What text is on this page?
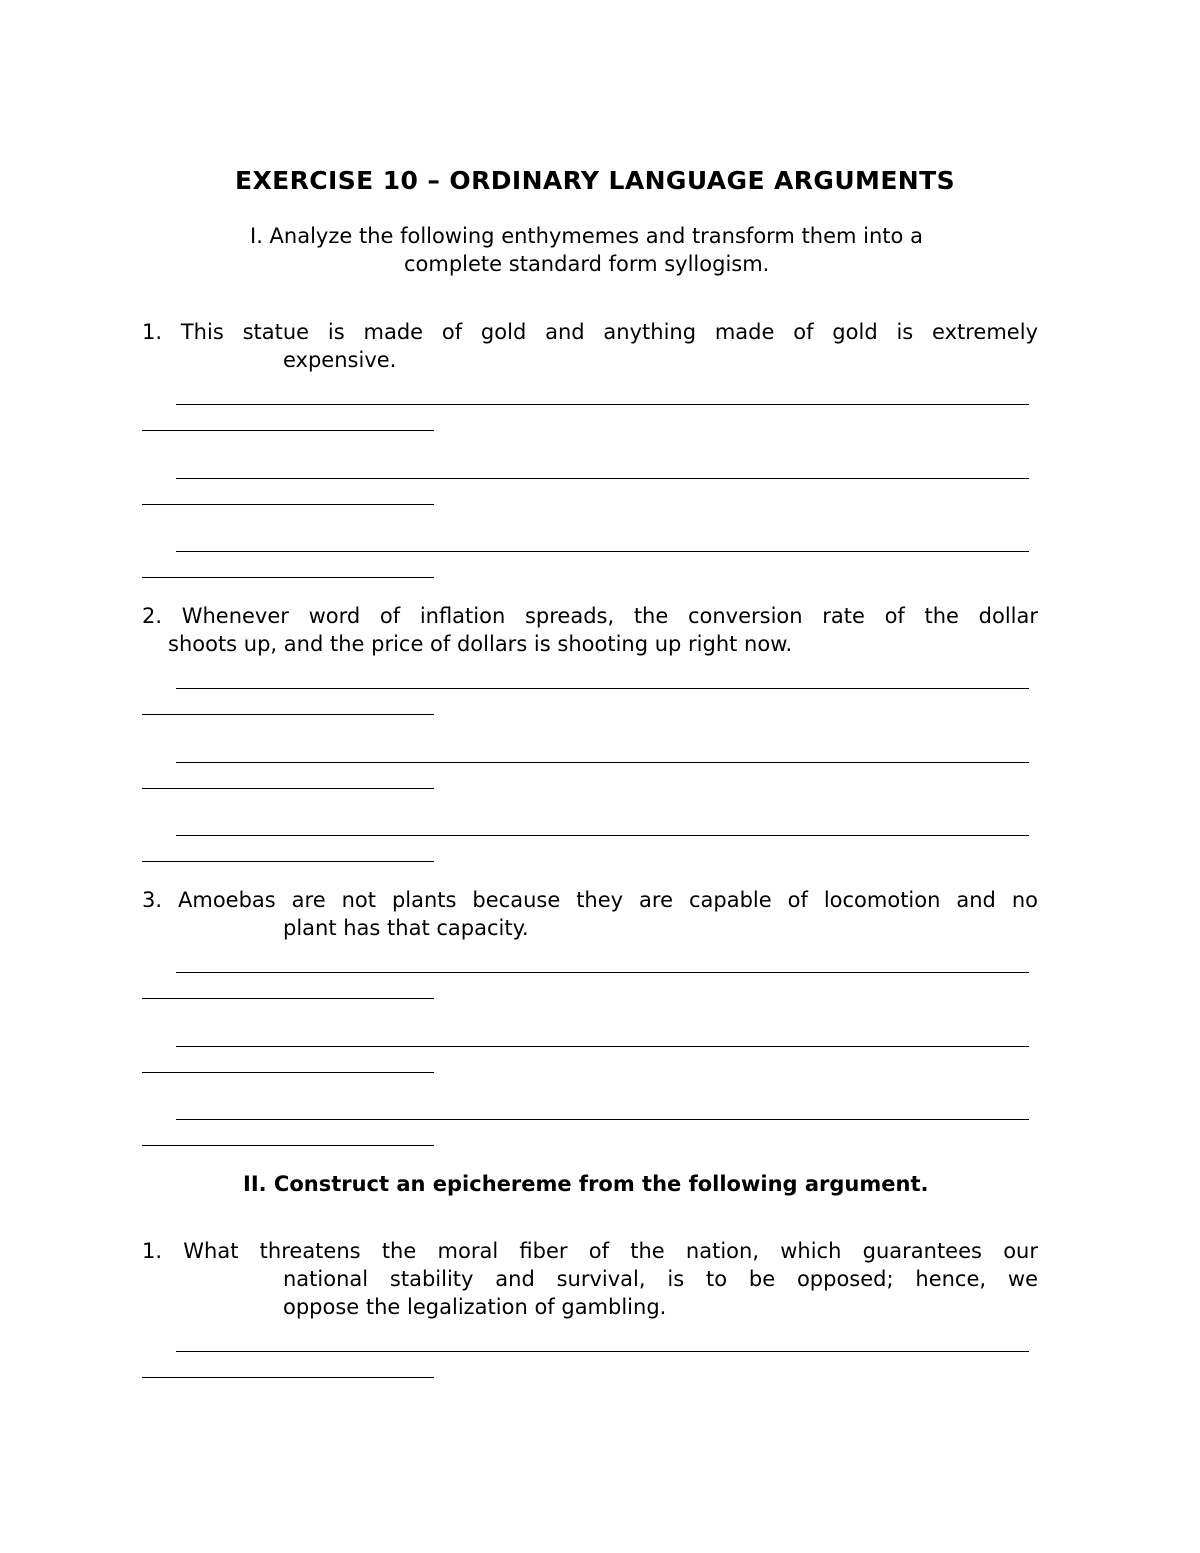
EXERCISE 10 – ORDINARY LANGUAGE ARGUMENTS
I. Analyze the following enthymemes and transform them into a
complete standard form syllogism.
1. This statue is made of gold and anything made of gold is extremely
expensive.
2. Whenever word of inflation spreads, the conversion rate of the dollar
shoots up, and the price of dollars is shooting up right now.
3. Amoebas are not plants because they are capable of locomotion and no
plant has that capacity.
II. Construct an epichereme from the following argument.
1. What threatens the moral fiber of the nation, which guarantees our
national stability and survival, is to be opposed; hence, we
oppose the legalization of gambling.
